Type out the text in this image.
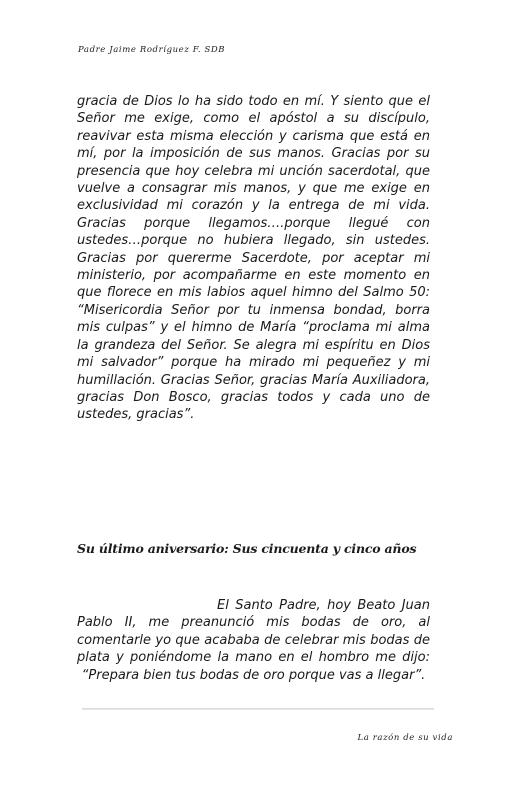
Padre Jaime Rodríguez F. SDB

gracia de Dios lo ha sido todo en mí. Y siento que el Señor me exige, como el apóstol a su discípulo, reavivar esta misma elección y carisma que está en mí, por la imposición de sus manos. Gracias por su presencia que hoy celebra mi unción sacerdotal, que vuelve a consagrar mis manos, y que me exige en exclusividad mi corazón y la entrega de mi vida. Gracias porque llegamos….porque llegué con ustedes…porque no hubiera llegado, sin ustedes. Gracias por quererme Sacerdote, por aceptar mi ministerio, por acompañarme en este momento en que florece en mis labios aquel himno del Salmo 50: “Misericordia Señor por tu inmensa bondad, borra mis culpas” y el himno de María “proclama mi alma la grandeza del Señor. Se alegra mi espíritu en Dios mi salvador” porque ha mirado mi pequeñez y mi humillación. Gracias Señor, gracias María Auxiliadora, gracias Don Bosco, gracias todos y cada uno de ustedes, gracias”.

Su último aniversario: Sus cincuenta y cinco años

El Santo Padre, hoy Beato Juan Pablo II, me preanunció mis bodas de oro, al comentarle yo que acababa de celebrar mis bodas de plata y poniéndome la mano en el hombro me dijo: “Prepara bien tus bodas de oro porque vas a llegar”.

La razón de su vida
